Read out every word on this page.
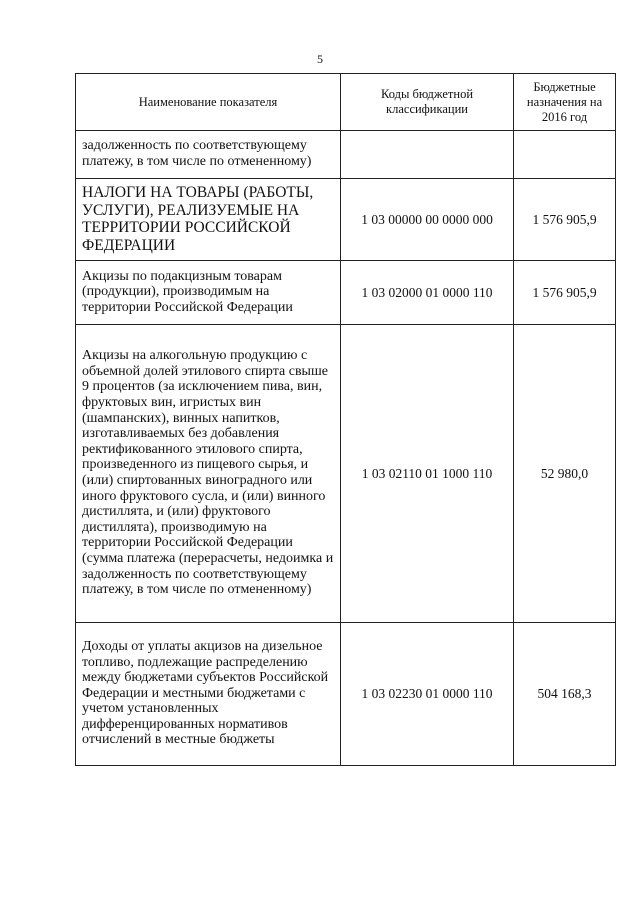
5
Наименование показателя	Коды бюджетной классификации	Бюджетные назначения на 2016 год
задолженность по соответствующему платежу, в том числе по отмененному)		
НАЛОГИ НА ТОВАРЫ (РАБОТЫ, УСЛУГИ), РЕАЛИЗУЕМЫЕ НА ТЕРРИТОРИИ РОССИЙСКОЙ ФЕДЕРАЦИИ	1 03 00000 00 0000 000	1 576 905,9
Акцизы по подакцизным товарам (продукции), производимым на территории Российской Федерации	1 03 02000 01 0000 110	1 576 905,9
Акцизы на алкогольную продукцию с объемной долей этилового спирта свыше 9 процентов (за исключением пива, вин, фруктовых вин, игристых вин (шампанских), винных напитков, изготавливаемых без добавления ректификованного этилового спирта, произведенного из пищевого сырья, и (или) спиртованных виноградного или иного фруктового сусла, и (или) винного дистиллята, и (или) фруктового дистиллята), производимую на территории Российской Федерации (сумма платежа (перерасчеты, недоимка и задолженность по соответствующему платежу, в том числе по отмененному)	1 03 02110 01 1000 110	52 980,0
Доходы от уплаты акцизов на дизельное топливо, подлежащие распределению между бюджетами субъектов Российской Федерации и местными бюджетами с учетом установленных дифференцированных нормативов отчислений в местные бюджеты	1 03 02230 01 0000 110	504 168,3
